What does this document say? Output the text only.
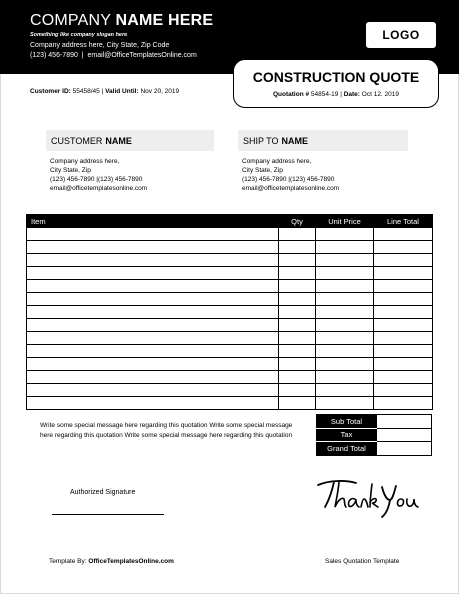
COMPANY NAME HERE
Something like company slogan here
Company address here, City State, Zip Code
(123) 456-7890 | email@OfficeTemplatesOnline.com
LOGO
CONSTRUCTION QUOTE
Quotation # 54854-19 | Date: Oct 12. 2019
Customer ID: 55458/45 | Valid Until: Nov 20, 2019
CUSTOMER NAME
Company address here,
City State, Zip
(123) 456-7890 |(123) 456-7890
email@officetemplatesonline.com
SHIP TO NAME
Company address here,
City State, Zip
(123) 456-7890 |(123) 456-7890
email@officetemplatesonline.com
Item	Qty	Unit Price	Line Total

Write some special message here regarding this quotation Write some special message here regarding this quotation Write some special message here regarding this quotation
Sub Total	
Tax	
Grand Total	
Authorized Signature
Template By: OfficeTemplatesOnline.com	Sales Quotation Template
